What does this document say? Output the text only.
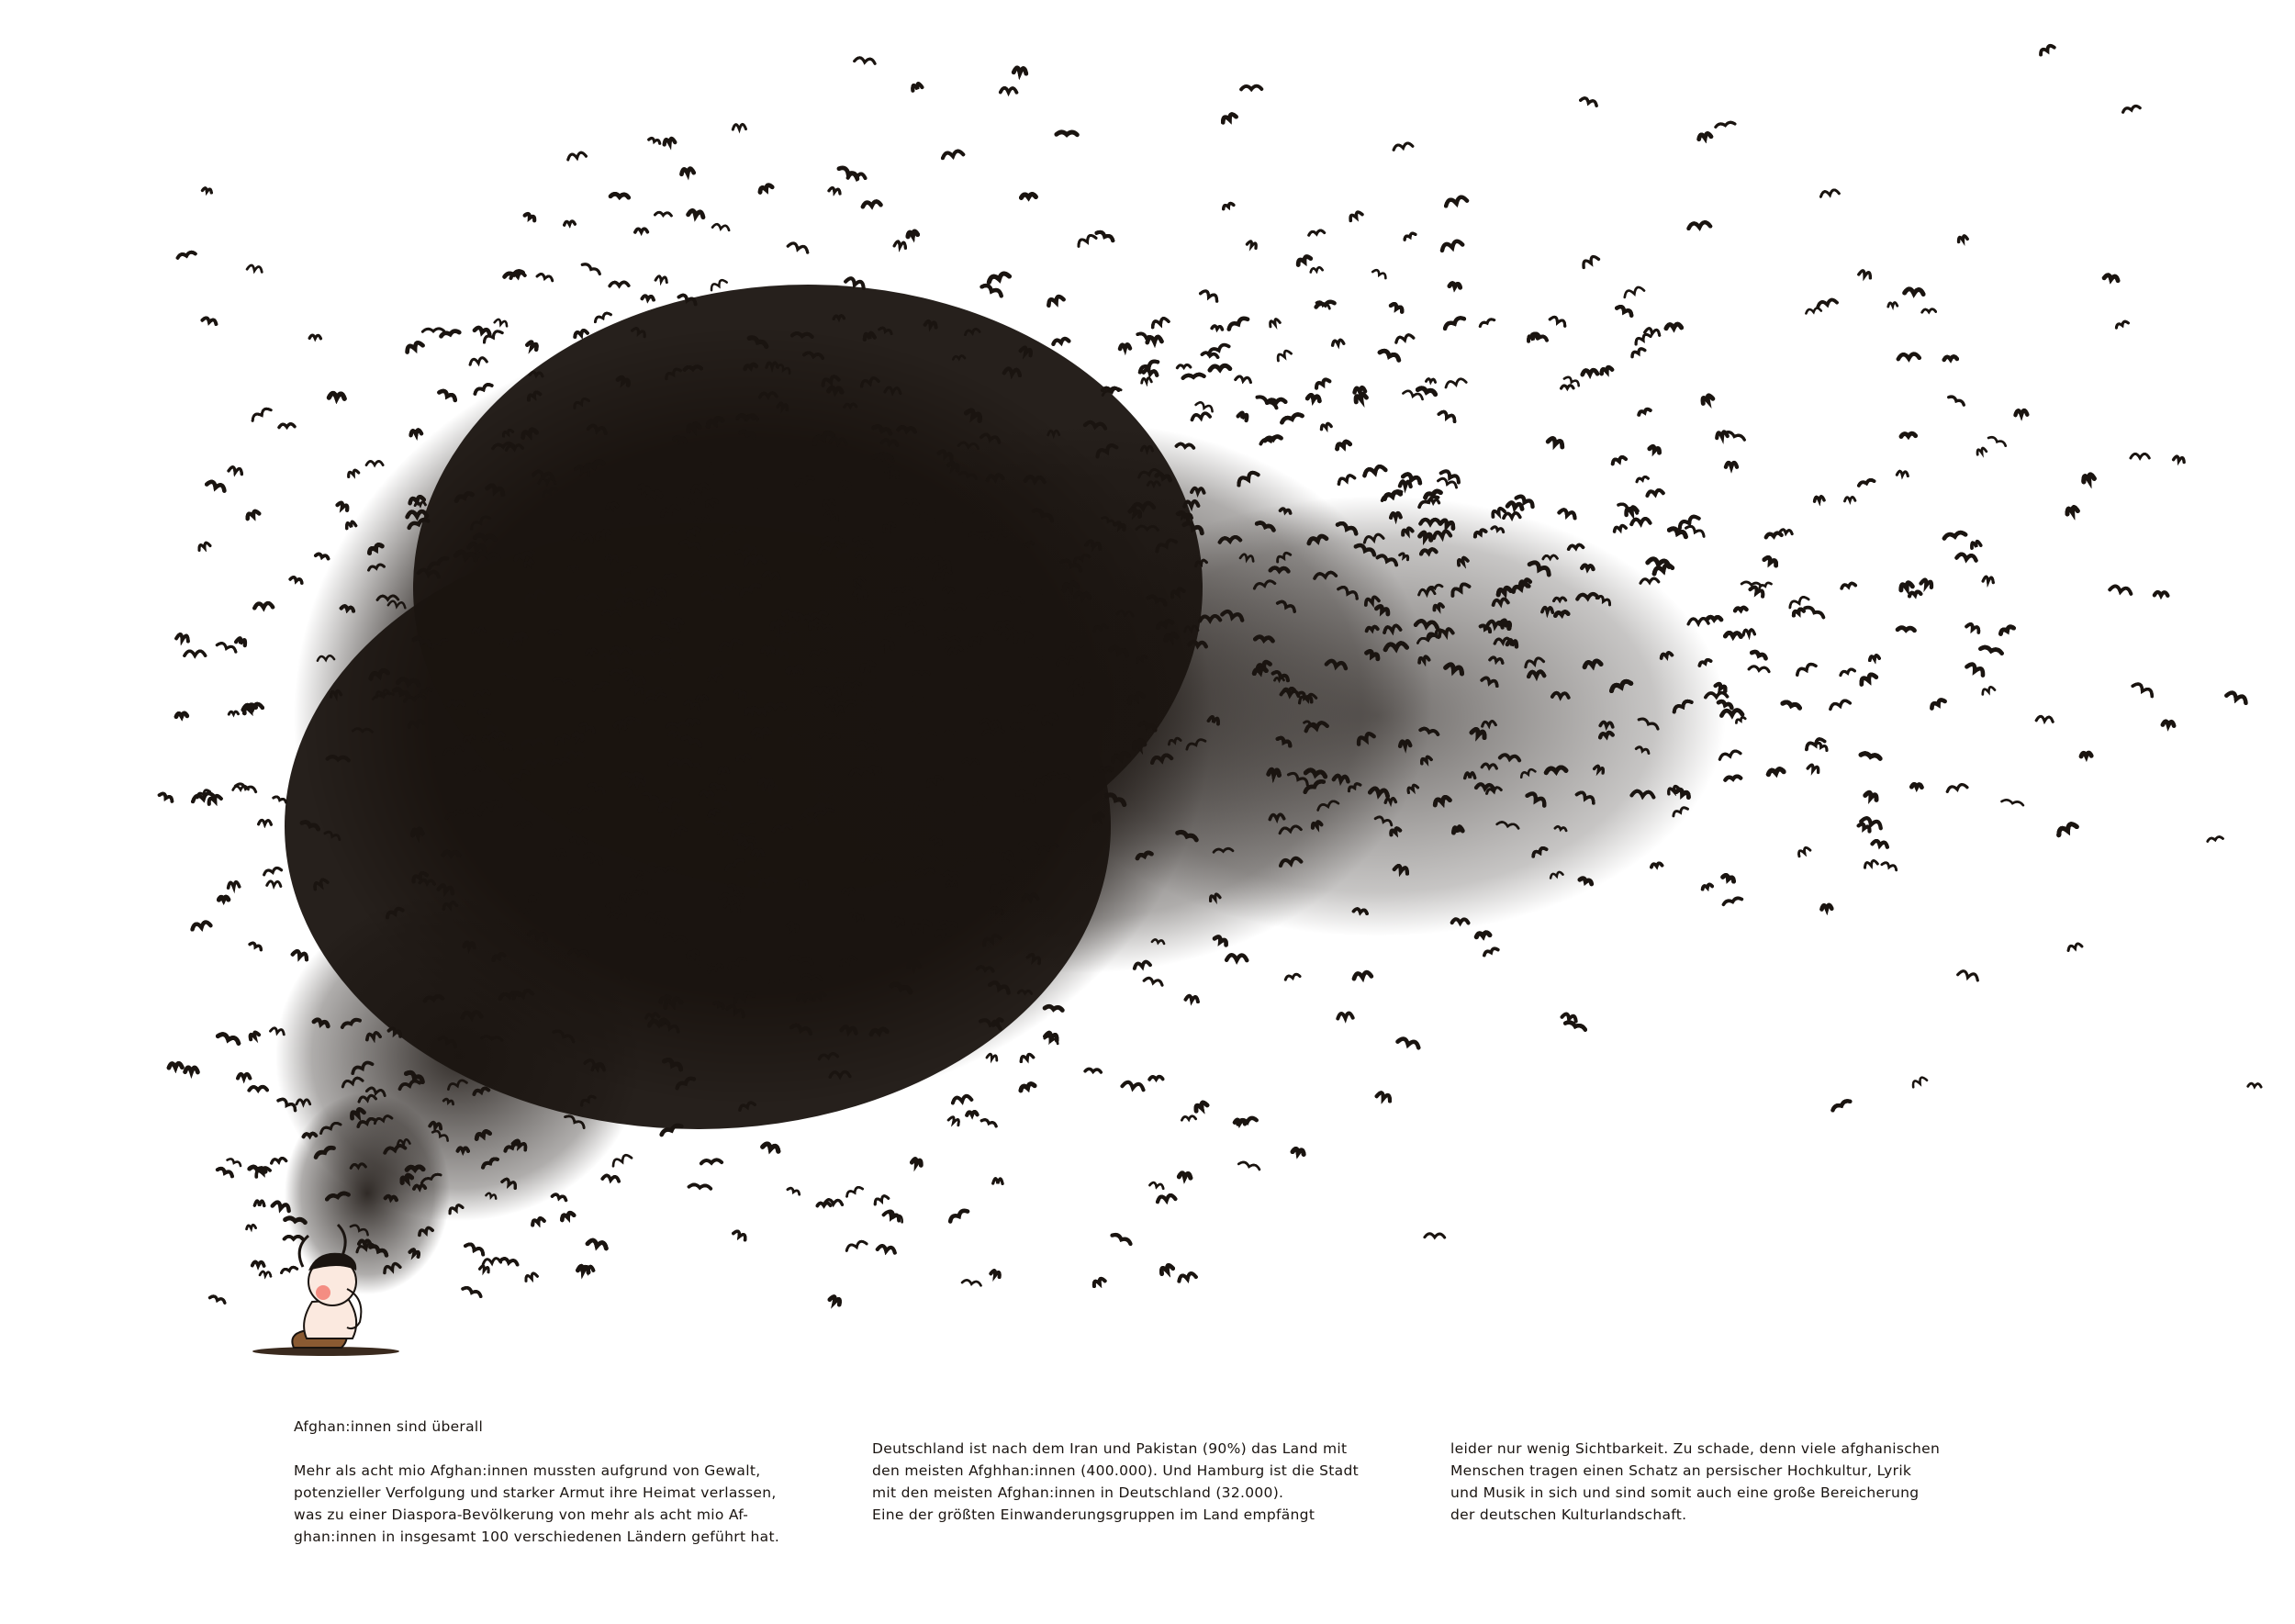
Afghan:innen sind überall

Mehr als acht mio Afghan:innen mussten aufgrund von Gewalt,
potenzieller Verfolgung und starker Armut ihre Heimat verlassen,
was zu einer Diaspora-Bevölkerung von mehr als acht mio Af-
ghan:innen in insgesamt 100 verschiedenen Ländern geführt hat.

Deutschland ist nach dem Iran und Pakistan (90%) das Land mit
den meisten Afghhan:innen (400.000). Und Hamburg ist die Stadt
mit den meisten Afghan:innen in Deutschland (32.000).
Eine der größten Einwanderungsgruppen im Land empfängt

leider nur wenig Sichtbarkeit. Zu schade, denn viele afghanischen
Menschen tragen einen Schatz an persischer Hochkultur, Lyrik
und Musik in sich und sind somit auch eine große Bereicherung
der deutschen Kulturlandschaft.
